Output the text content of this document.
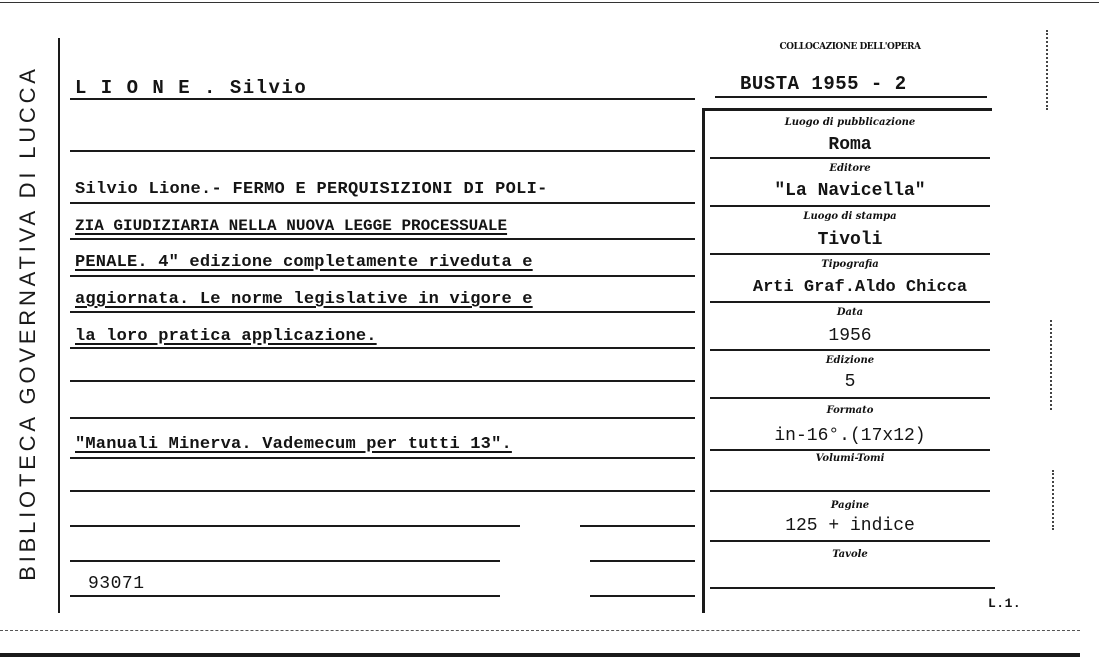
BIBLIOTECA GOVERNATIVA DI LUCCA L I O N E . Silvio
COLLOCAZIONE DELL'OPERA
BUSTA 1955 - 2
Silvio Lione.- FERMO E PERQUISIZIONI DI POLI-
ZIA GIUDIZIARIA NELLA NUOVA LEGGE PROCESSUALE
PENALE. 4" edizione completamente riveduta e
aggiornata. Le norme legislative in vigore e
la loro pratica applicazione.
"Manuali Minerva. Vademecum per tutti 13".
93071
Luogo di pubblicazione
Roma
Editore
"La Navicella"
Luogo di stampa
Tivoli
Tipografia
Arti Graf.Aldo Chicca
Data
1956
Edizione
5
Formato
in-16°.(17x12)
Volumi-Tomi
Pagine
125 + indice
Tavole
L.1.
